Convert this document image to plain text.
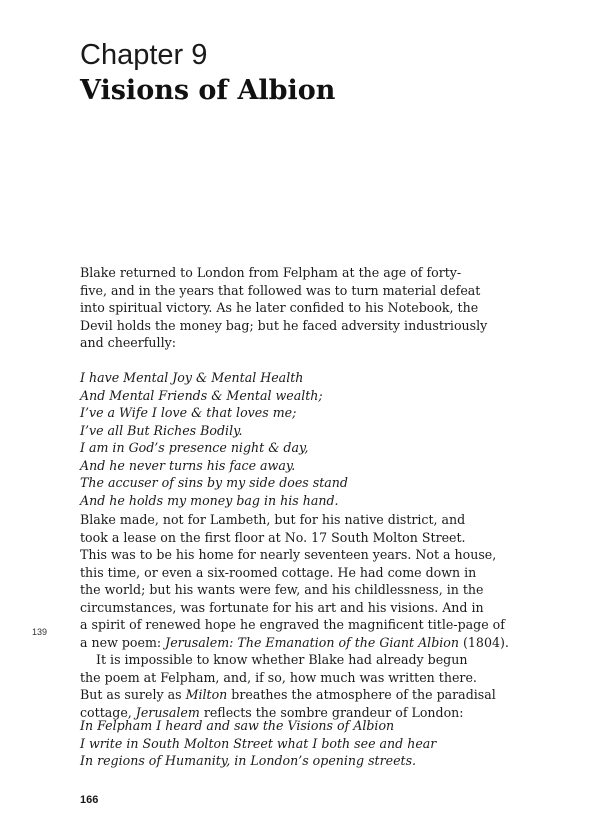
Chapter 9
Visions of Albion
Blake returned to London from Felpham at the age of forty-
five, and in the years that followed was to turn material defeat
into spiritual victory. As he later confided to his Notebook, the
Devil holds the money bag; but he faced adversity industriously
and cheerfully:
I have Mental Joy & Mental Health
And Mental Friends & Mental wealth;
I’ve a Wife I love & that loves me;
I’ve all But Riches Bodily.
I am in God’s presence night & day,
And he never turns his face away.
The accuser of sins by my side does stand
And he holds my money bag in his hand.
Blake made, not for Lambeth, but for his native district, and
took a lease on the first floor at No. 17 South Molton Street.
This was to be his home for nearly seventeen years. Not a house,
this time, or even a six-roomed cottage. He had come down in
the world; but his wants were few, and his childlessness, in the
circumstances, was fortunate for his art and his visions. And in
a spirit of renewed hope he engraved the magnificent title-page of
a new poem: Jerusalem: The Emanation of the Giant Albion (1804).
It is impossible to know whether Blake had already begun
the poem at Felpham, and, if so, how much was written there.
But as surely as Milton breathes the atmosphere of the paradisal
cottage, Jerusalem reflects the sombre grandeur of London:
In Felpham I heard and saw the Visions of Albion
I write in South Molton Street what I both see and hear
In regions of Humanity, in London’s opening streets.
139
166
